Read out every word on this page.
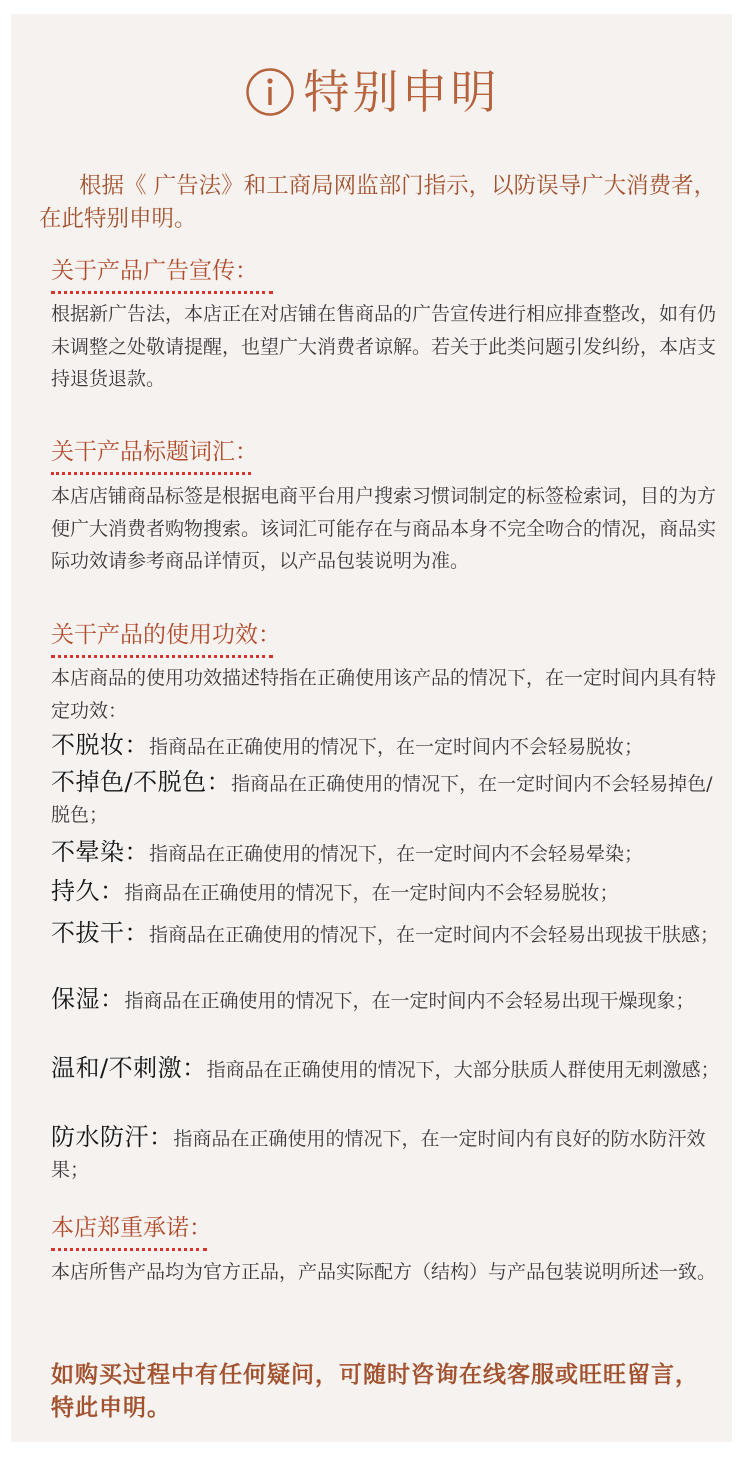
特别申明

根据《 广告法》和工商局网监部门指示，以防误导广大消费者，在此特别申明。

关于产品广告宣传：

根据新广告法，本店正在对店铺在售商品的广告宣传进行相应排查整改，如有仍未调整之处敬请提醒，也望广大消费者谅解。若关于此类问题引发纠纷，本店支持退货退款。

关干产品标题词汇：

本店店铺商品标签是根据电商平台用户搜索习惯词制定的标签检索词，目的为方便广大消费者购物搜索。该词汇可能存在与商品本身不完全吻合的情况，商品实际功效请参考商品详情页，以产品包装说明为准。

关干产品的使用功效：

本店商品的使用功效描述特指在正确使用该产品的情况下，在一定时间内具有特定功效：

不脱妆：指商品在正确使用的情况下，在一定时间内不会轻易脱妆；

不掉色/不脱色：指商品在正确使用的情况下，在一定时间内不会轻易掉色/脱色；

不晕染：指商品在正确使用的情况下，在一定时间内不会轻易晕染；

持久：指商品在正确使用的情况下，在一定时间内不会轻易脱妆；

不拔干：指商品在正确使用的情况下，在一定时间内不会轻易出现拔干肤感；

保湿：指商品在正确使用的情况下，在一定时间内不会轻易出现干燥现象；

温和/不刺激：指商品在正确使用的情况下，大部分肤质人群使用无刺激感；

防水防汗：指商品在正确使用的情况下，在一定时间内有良好的防水防汗效果；

本店郑重承诺：

本店所售产品均为官方正品，产品实际配方（结构）与产品包装说明所述一致。

如购买过程中有任何疑问，可随时咨询在线客服或旺旺留言，特此申明。
